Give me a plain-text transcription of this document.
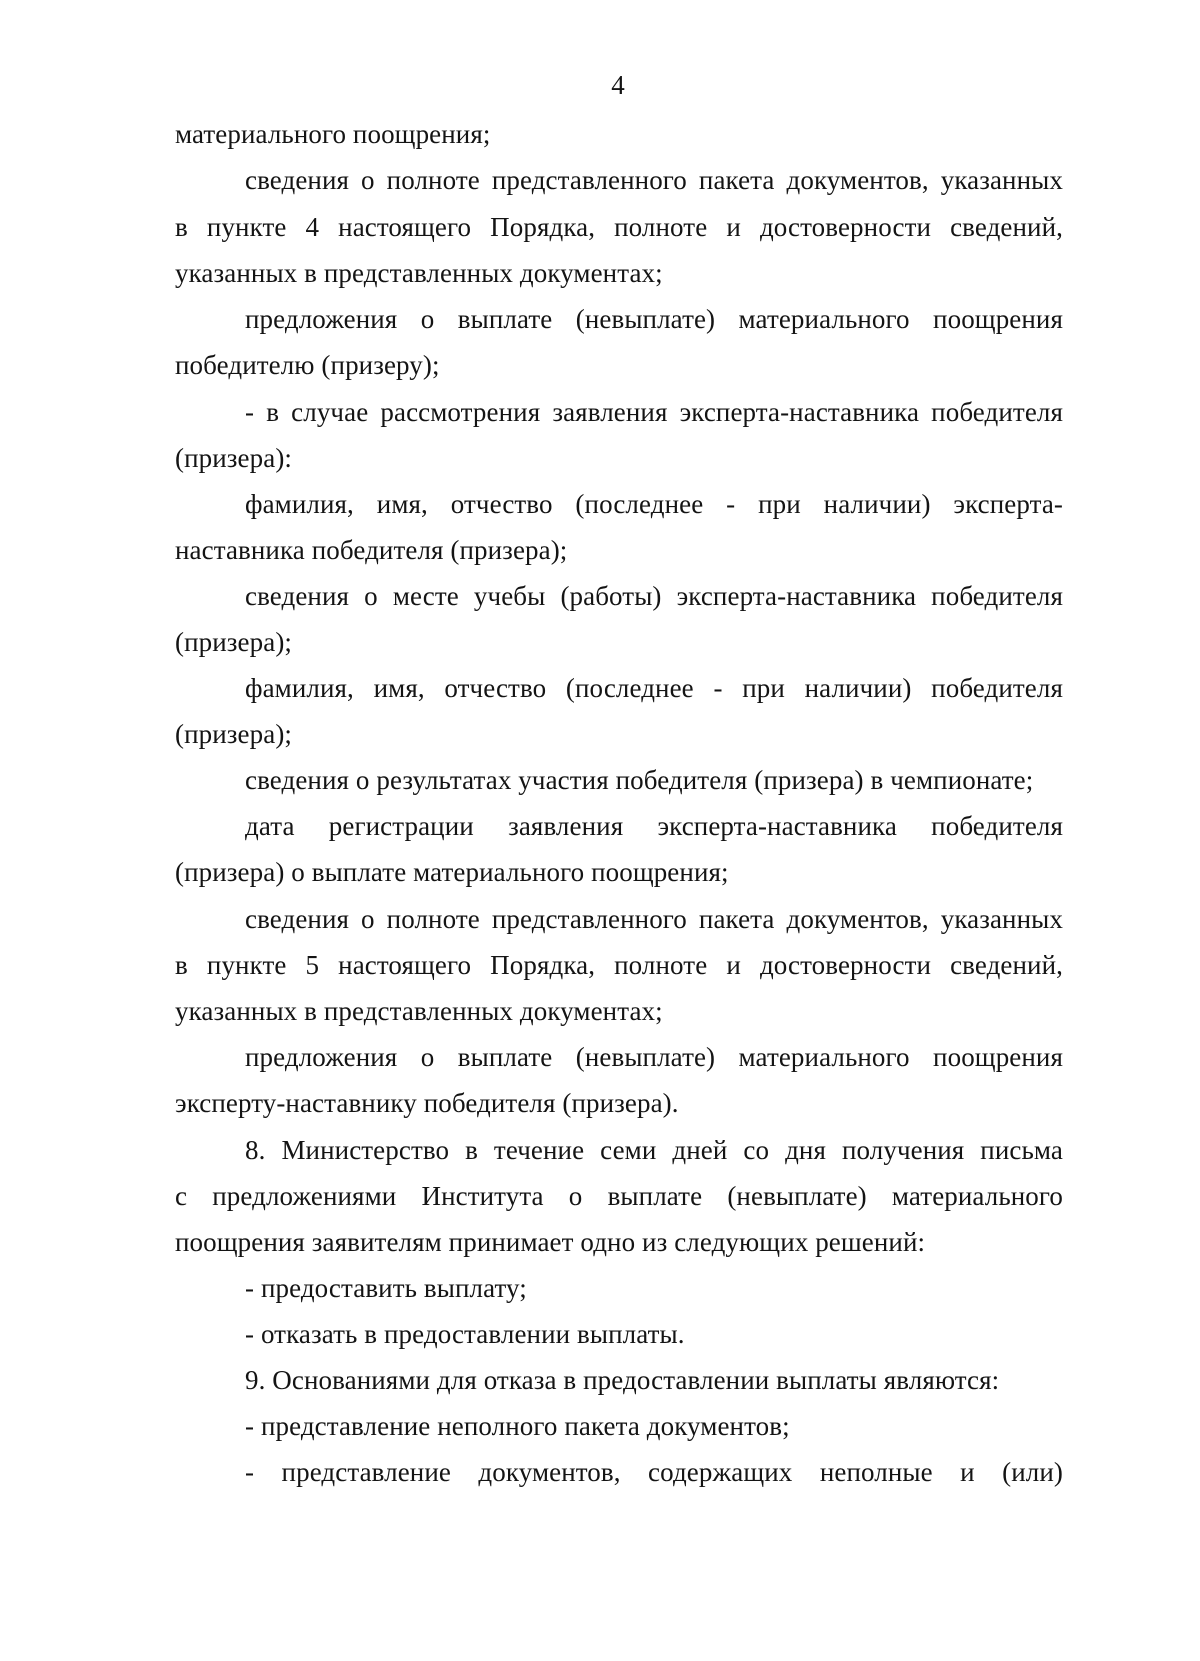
4
материального поощрения;
сведения о полноте представленного пакета документов, указанных
в пункте 4 настоящего Порядка, полноте и достоверности сведений,
указанных в представленных документах;
предложения о выплате (невыплате) материального поощрения
победителю (призеру);
- в случае рассмотрения заявления эксперта-наставника победителя
(призера):
фамилия, имя, отчество (последнее - при наличии) эксперта-
наставника победителя (призера);
сведения о месте учебы (работы) эксперта-наставника победителя
(призера);
фамилия, имя, отчество (последнее - при наличии) победителя
(призера);
сведения о результатах участия победителя (призера) в чемпионате;
дата регистрации заявления эксперта-наставника победителя
(призера) о выплате материального поощрения;
сведения о полноте представленного пакета документов, указанных
в пункте 5 настоящего Порядка, полноте и достоверности сведений,
указанных в представленных документах;
предложения о выплате (невыплате) материального поощрения
эксперту-наставнику победителя (призера).
8. Министерство в течение семи дней со дня получения письма
с предложениями Института о выплате (невыплате) материального
поощрения заявителям принимает одно из следующих решений:
- предоставить выплату;
- отказать в предоставлении выплаты.
9. Основаниями для отказа в предоставлении выплаты являются:
- представление неполного пакета документов;
- представление документов, содержащих неполные и (или)
